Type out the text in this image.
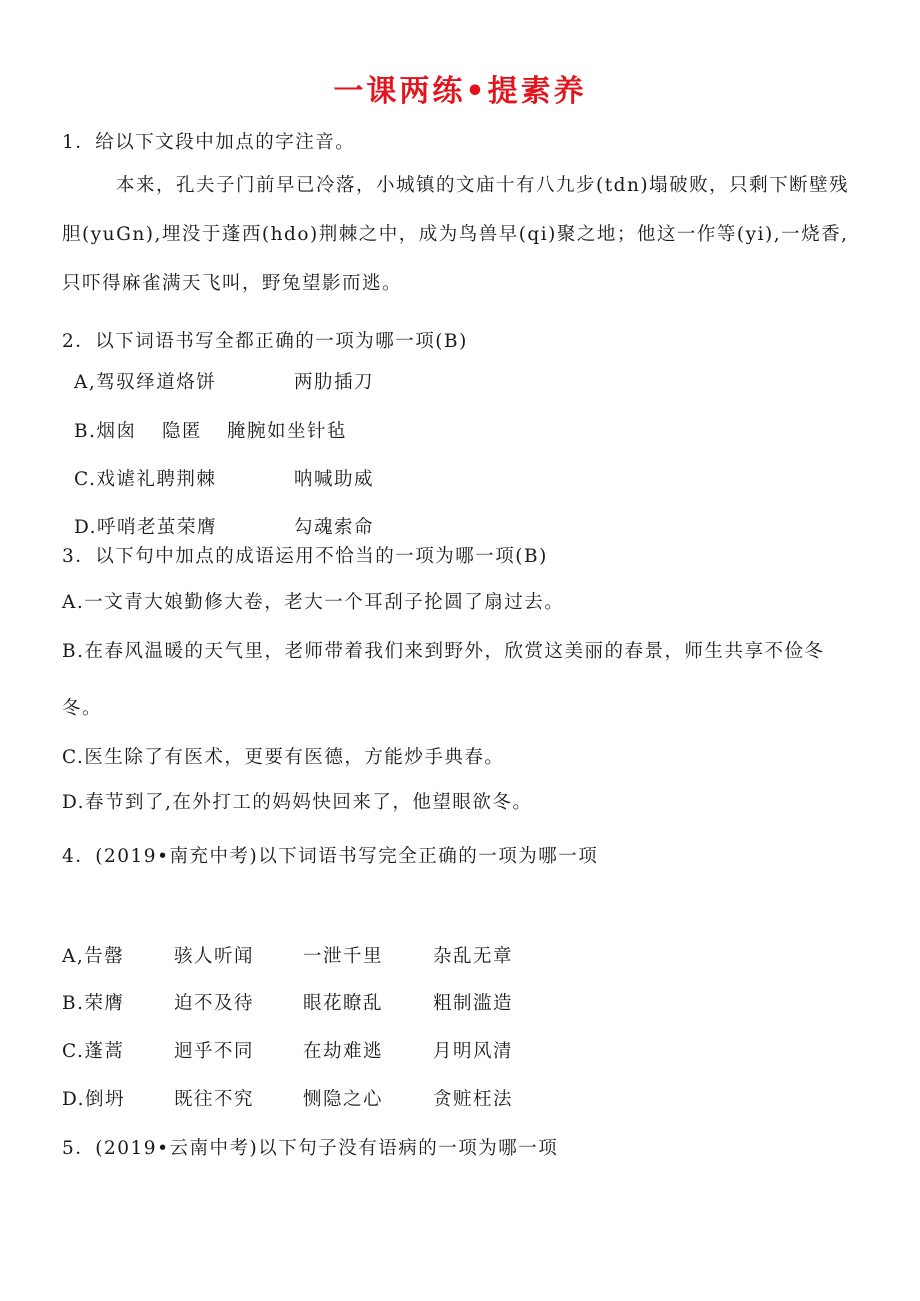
一课两练•提素养
1．给以下文段中加点的字注音。
本来，孔夫子门前早已冷落，小城镇的文庙十有八九步(tdn)塌破败，只剩下断壁残
胆(yuGn),埋没于蓬西(hdo)荆棘之中，成为鸟兽早(qi)聚之地；他这一作等(yi),一烧香,
只吓得麻雀满天飞叫，野兔望影而逃。
2．以下词语书写全都正确的一项为哪一项(B)
A,驾驭绎道烙饼	两肋插刀
B.烟囱 隐匿 腌腕如坐针毡
C.戏谑礼聘荆棘	呐喊助威
D.呼哨老茧荣膺	勾魂索命
3．以下句中加点的成语运用不恰当的一项为哪一项(B)
A.一文青大娘勤修大卷，老大一个耳刮子抡圆了扇过去。
B.在春风温暖的天气里，老师带着我们来到野外，欣赏这美丽的春景，师生共享不俭冬
冬。
C.医生除了有医术，更要有医德，方能炒手典春。
D.春节到了,在外打工的妈妈快回来了，他望眼欲冬。
4．(2019•南充中考)以下词语书写完全正确的一项为哪一项
A,告罄	骇人听闻	一泄千里	杂乱无章
B.荣膺	迫不及待	眼花瞭乱	粗制滥造
C.蓬蒿	迥乎不同	在劫难逃	月明风清
D.倒坍	既往不究	恻隐之心	贪赃枉法
5．(2019•云南中考)以下句子没有语病的一项为哪一项
